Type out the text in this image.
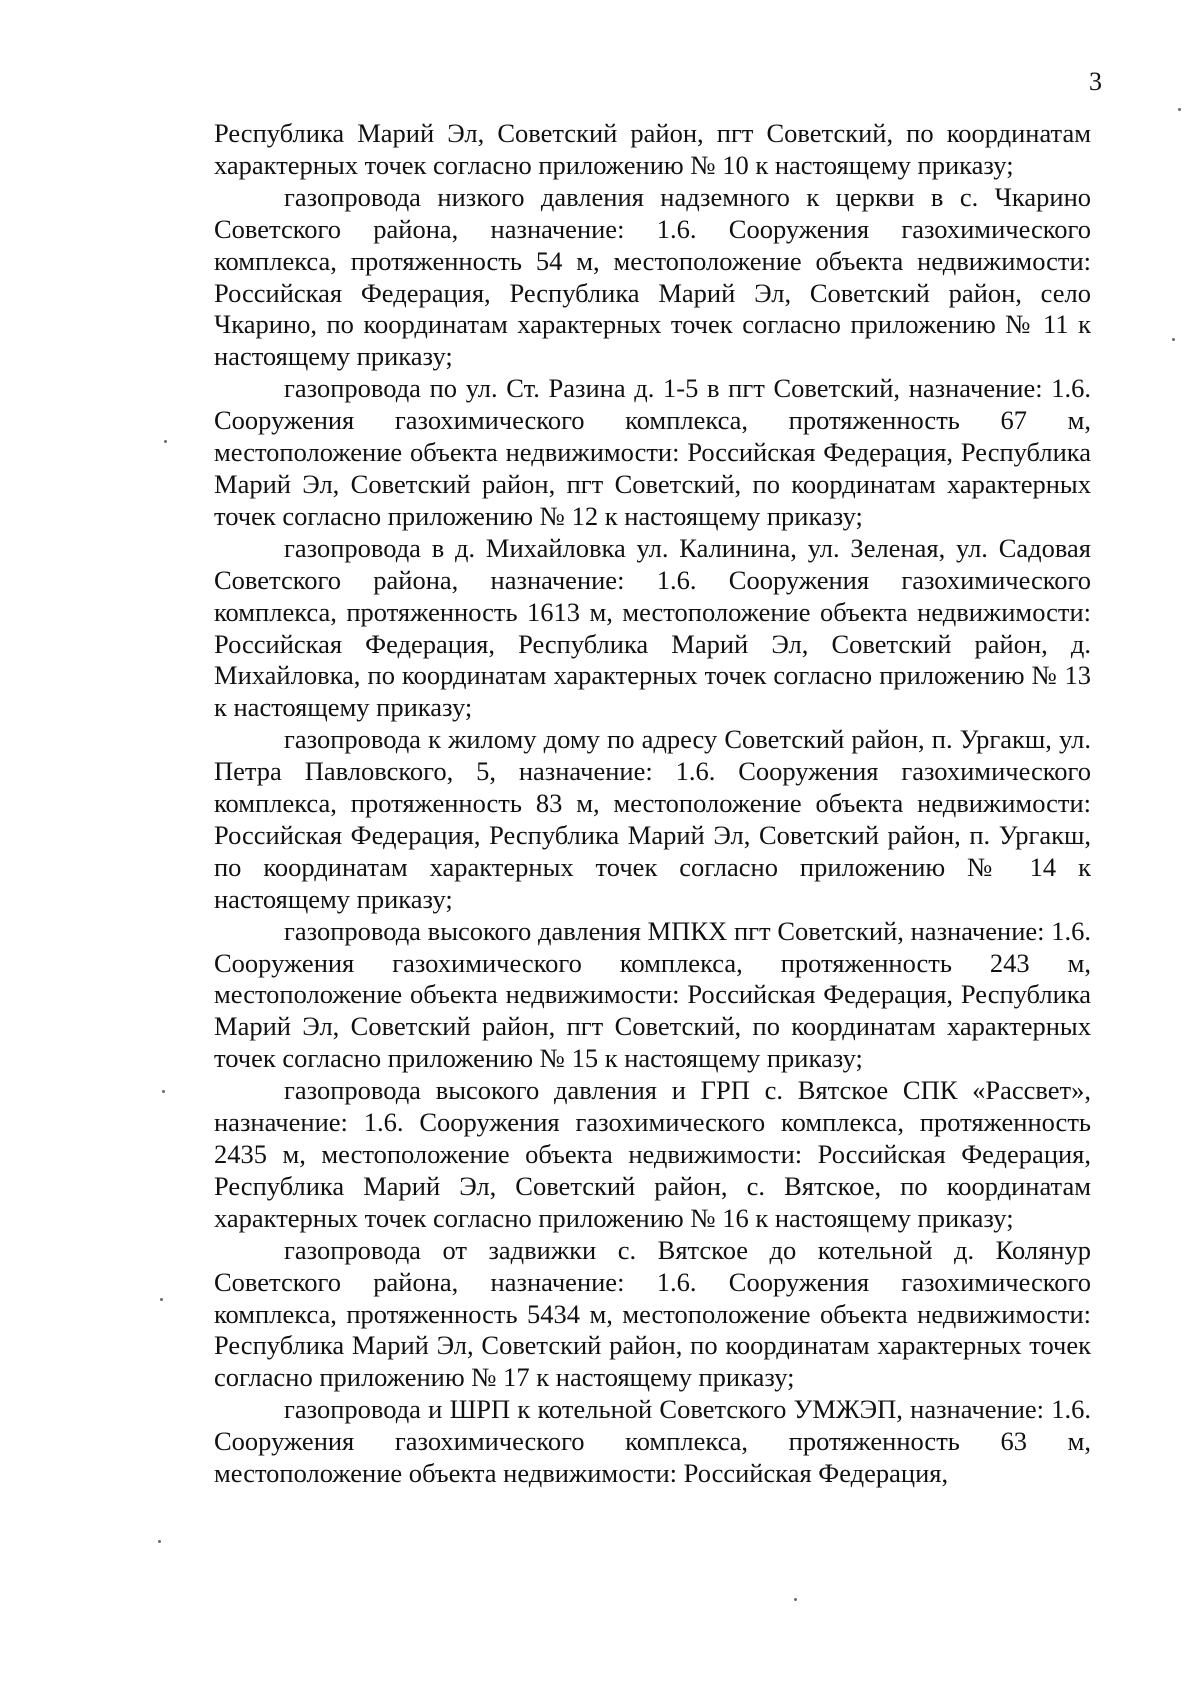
3

Республика Марий Эл, Советский район, пгт Советский, по координатам характерных точек согласно приложению № 10 к настоящему приказу;

газопровода низкого давления надземного к церкви в с. Чкарино Советского района, назначение: 1.6. Сооружения газохимического комплекса, протяженность 54 м, местоположение объекта недвижимости: Российская Федерация, Республика Марий Эл, Советский район, село Чкарино, по координатам характерных точек согласно приложению № 11 к настоящему приказу;

газопровода по ул. Ст. Разина д. 1-5 в пгт Советский, назначение: 1.6. Сооружения газохимического комплекса, протяженность 67 м, местоположение объекта недвижимости: Российская Федерация, Республика Марий Эл, Советский район, пгт Советский, по координатам характерных точек согласно приложению № 12 к настоящему приказу;

газопровода в д. Михайловка ул. Калинина, ул. Зеленая, ул. Садовая Советского района, назначение: 1.6. Сооружения газохимического комплекса, протяженность 1613 м, местоположение объекта недвижимости: Российская Федерация, Республика Марий Эл, Советский район, д. Михайловка, по координатам характерных точек согласно приложению № 13 к настоящему приказу;

газопровода к жилому дому по адресу Советский район, п. Ургакш, ул. Петра Павловского, 5, назначение: 1.6. Сооружения газохимического комплекса, протяженность 83 м, местоположение объекта недвижимости: Российская Федерация, Республика Марий Эл, Советский район, п. Ургакш, по координатам характерных точек согласно приложению № 14 к настоящему приказу;

газопровода высокого давления МПКХ пгт Советский, назначение: 1.6. Сооружения газохимического комплекса, протяженность 243 м, местоположение объекта недвижимости: Российская Федерация, Республика Марий Эл, Советский район, пгт Советский, по координатам характерных точек согласно приложению № 15 к настоящему приказу;

газопровода высокого давления и ГРП с. Вятское СПК «Рассвет», назначение: 1.6. Сооружения газохимического комплекса, протяженность 2435 м, местоположение объекта недвижимости: Российская Федерация, Республика Марий Эл, Советский район, с. Вятское, по координатам характерных точек согласно приложению № 16 к настоящему приказу;

газопровода от задвижки с. Вятское до котельной д. Колянур Советского района, назначение: 1.6. Сооружения газохимического комплекса, протяженность 5434 м, местоположение объекта недвижимости: Республика Марий Эл, Советский район, по координатам характерных точек согласно приложению № 17 к настоящему приказу;

газопровода и ШРП к котельной Советского УМЖЭП, назначение: 1.6. Сооружения газохимического комплекса, протяженность 63 м, местоположение объекта недвижимости: Российская Федерация,
